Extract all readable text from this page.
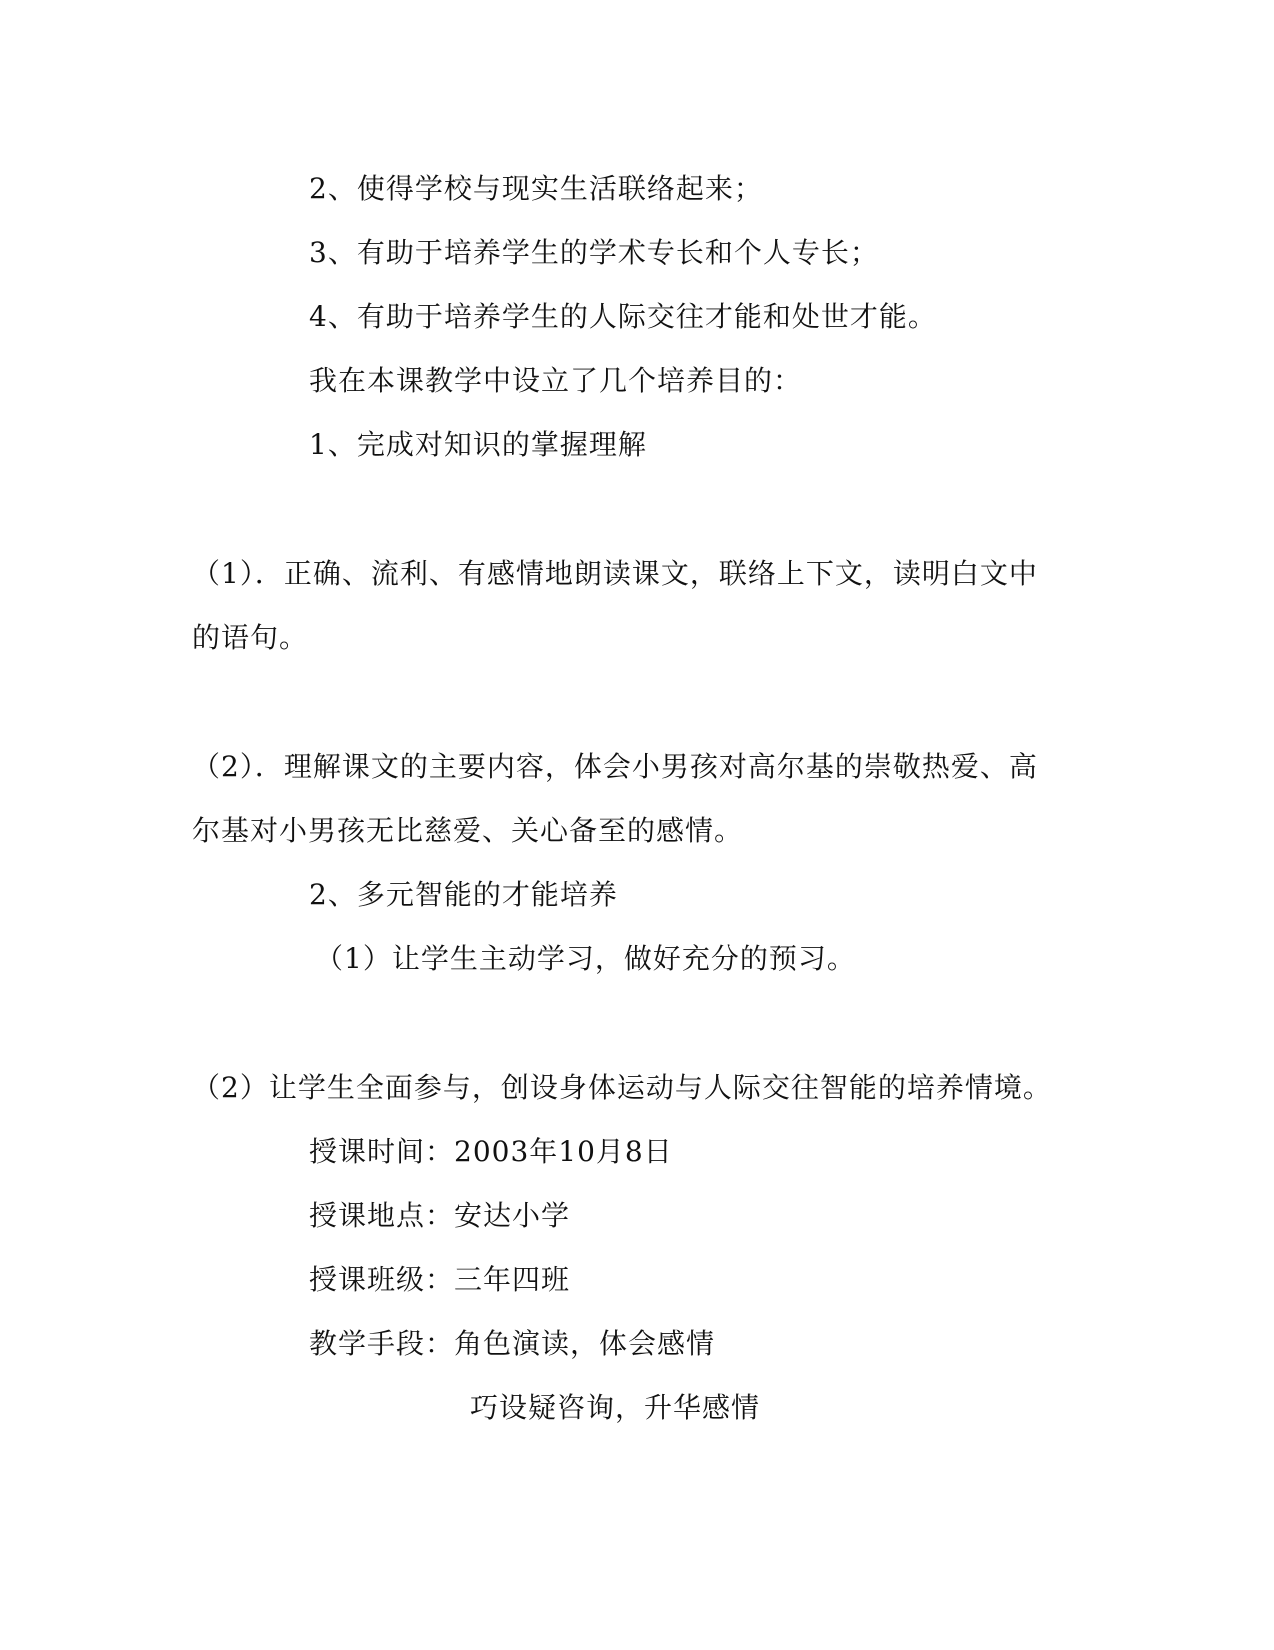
2、使得学校与现实生活联络起来；
3、有助于培养学生的学术专长和个人专长；
4、有助于培养学生的人际交往才能和处世才能。
我在本课教学中设立了几个培养目的：
1、完成对知识的掌握理解
（1）．正确、流利、有感情地朗读课文，联络上下文，读明白文中
的语句。
（2）．理解课文的主要内容，体会小男孩对高尔基的崇敬热爱、高
尔基对小男孩无比慈爱、关心备至的感情。
2、多元智能的才能培养
（1）让学生主动学习，做好充分的预习。
（2）让学生全面参与，创设身体运动与人际交往智能的培养情境。
授课时间：2003年10月8日
授课地点：安达小学
授课班级：三年四班
教学手段：角色演读，体会感情
巧设疑咨询，升华感情
